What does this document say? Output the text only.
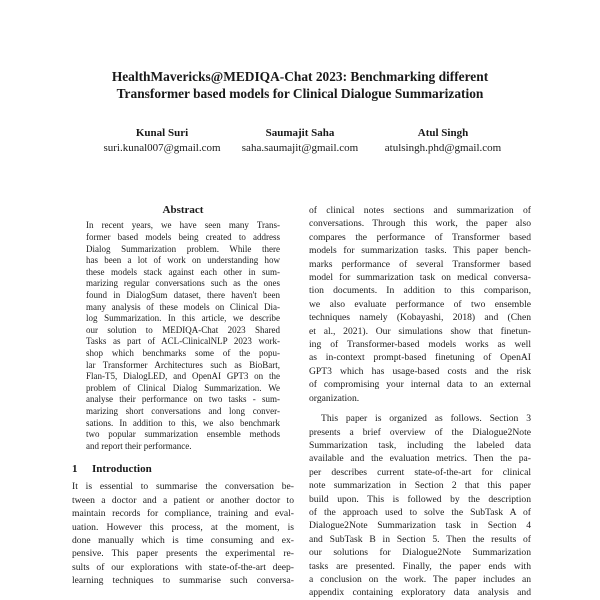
HealthMavericks@MEDIQA-Chat 2023: Benchmarking different
Transformer based models for Clinical Dialogue Summarization
Kunal Suri
suri.kunal007@gmail.com
Saumajit Saha
saha.saumajit@gmail.com
Atul Singh
atulsingh.phd@gmail.com
Abstract
In recent years, we have seen many Trans-
former based models being created to address
Dialog Summarization problem. While there
has been a lot of work on understanding how
these models stack against each other in sum-
marizing regular conversations such as the ones
found in DialogSum dataset, there haven't been
many analysis of these models on Clinical Dia-
log Summarization. In this article, we describe
our solution to MEDIQA-Chat 2023 Shared
Tasks as part of ACL-ClinicalNLP 2023 work-
shop which benchmarks some of the popu-
lar Transformer Architectures such as BioBart,
Flan-T5, DialogLED, and OpenAI GPT3 on the
problem of Clinical Dialog Summarization. We
analyse their performance on two tasks - sum-
marizing short conversations and long conver-
sations. In addition to this, we also benchmark
two popular summarization ensemble methods
and report their performance.
1 Introduction
It is essential to summarise the conversation be-
tween a doctor and a patient or another doctor to
maintain records for compliance, training and eval-
uation. However this process, at the moment, is
done manually which is time consuming and ex-
pensive. This paper presents the experimental re-
sults of our explorations with state-of-the-art deep-
learning techniques to summarise such conversa-
of clinical notes sections and summarization of
conversations. Through this work, the paper also
compares the performance of Transformer based
models for summarization tasks. This paper bench-
marks performance of several Transformer based
model for summarization task on medical conversa-
tion documents. In addition to this comparison,
we also evaluate performance of two ensemble
techniques namely (Kobayashi, 2018) and (Chen
et al., 2021). Our simulations show that finetun-
ing of Transformer-based models works as well
as in-context prompt-based finetuning of OpenAI
GPT3 which has usage-based costs and the risk
of compromising your internal data to an external
organization.
This paper is organized as follows. Section 3
presents a brief overview of the Dialogue2Note
Summarization task, including the labeled data
available and the evaluation metrics. Then the pa-
per describes current state-of-the-art for clinical
note summarization in Section 2 that this paper
build upon. This is followed by the description
of the approach used to solve the SubTask A of
Dialogue2Note Summarization task in Section 4
and SubTask B in Section 5. Then the results of
our solutions for Dialogue2Note Summarization
tasks are presented. Finally, the paper ends with
a conclusion on the work. The paper includes an
appendix containing exploratory data analysis and
